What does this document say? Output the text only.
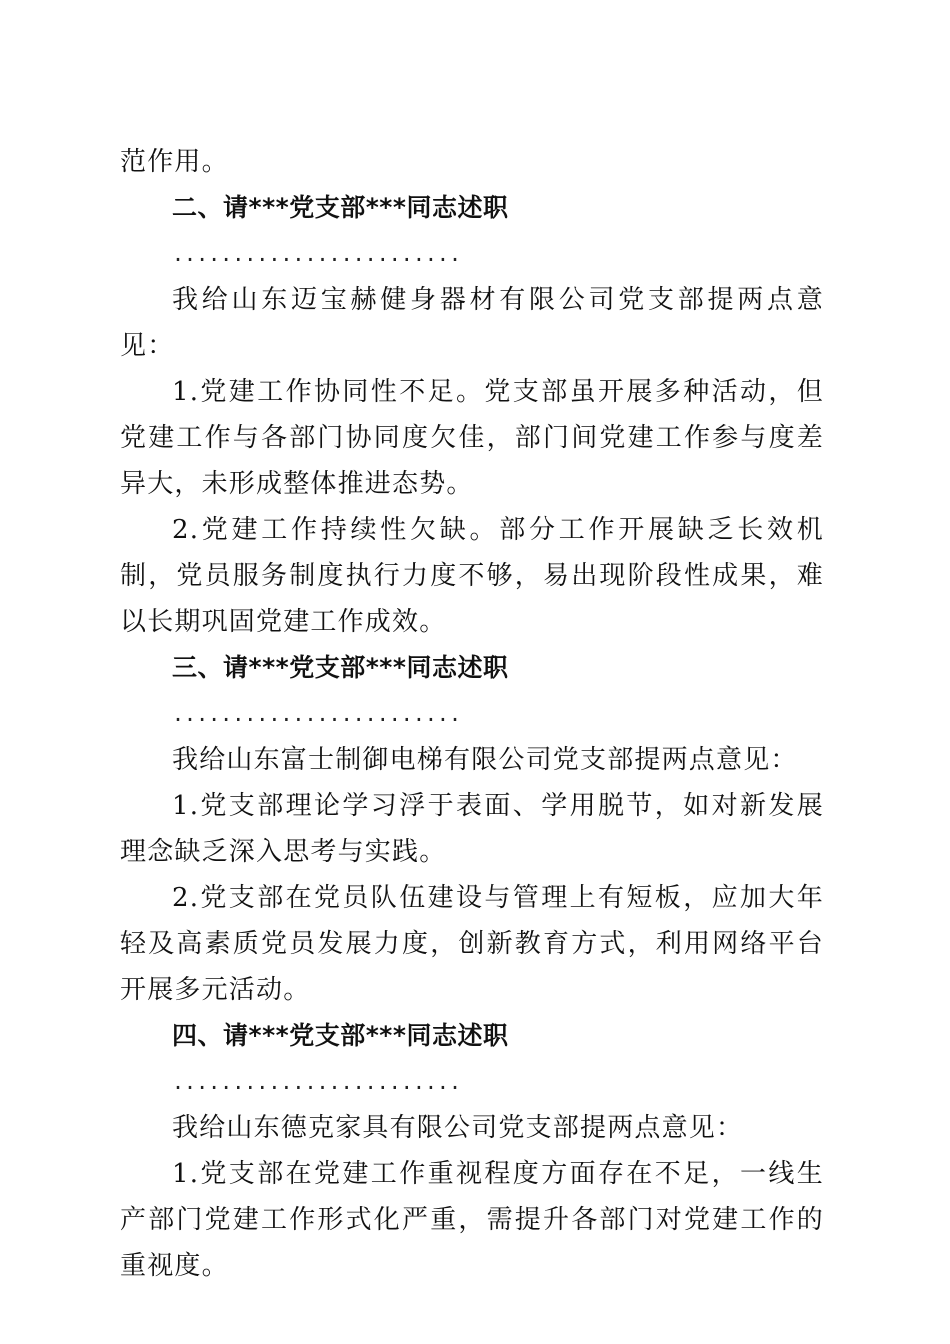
范作用。

二、请***党支部***同志述职

........................

我给山东迈宝赫健身器材有限公司党支部提两点意见：

1.党建工作协同性不足。党支部虽开展多种活动，但党建工作与各部门协同度欠佳，部门间党建工作参与度差异大，未形成整体推进态势。

2.党建工作持续性欠缺。部分工作开展缺乏长效机制，党员服务制度执行力度不够，易出现阶段性成果，难以长期巩固党建工作成效。

三、请***党支部***同志述职

........................

我给山东富士制御电梯有限公司党支部提两点意见：

1.党支部理论学习浮于表面、学用脱节，如对新发展理念缺乏深入思考与实践。

2.党支部在党员队伍建设与管理上有短板，应加大年轻及高素质党员发展力度，创新教育方式，利用网络平台开展多元活动。

四、请***党支部***同志述职

........................

我给山东德克家具有限公司党支部提两点意见：

1.党支部在党建工作重视程度方面存在不足，一线生产部门党建工作形式化严重，需提升各部门对党建工作的重视度。
